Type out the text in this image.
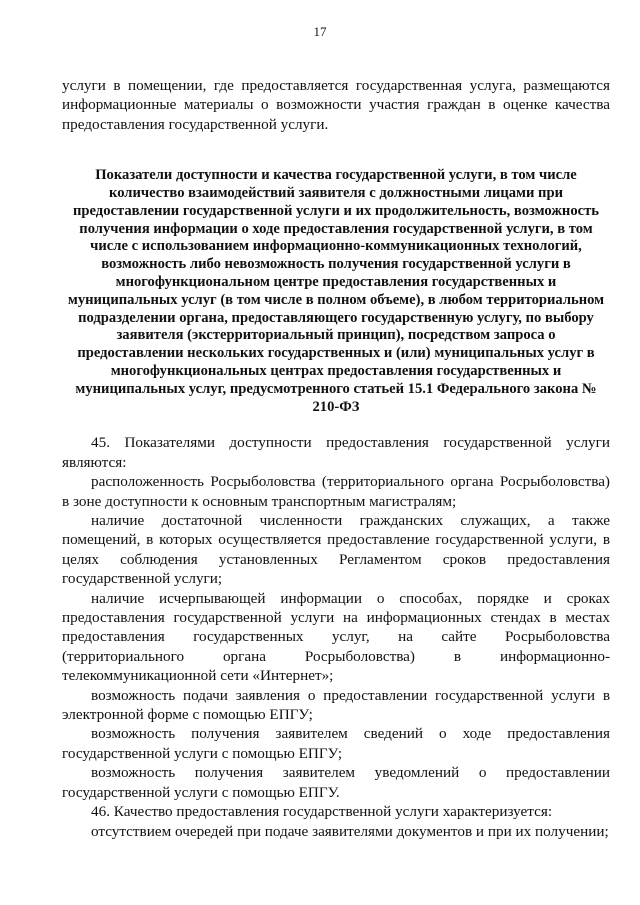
17

услуги в помещении, где предоставляется государственная услуга, размещаются информационные материалы о возможности участия граждан в оценке качества предоставления государственной услуги.

Показатели доступности и качества государственной услуги, в том числе количество взаимодействий заявителя с должностными лицами при предоставлении государственной услуги и их продолжительность, возможность получения информации о ходе предоставления государственной услуги, в том числе с использованием информационно-коммуникационных технологий, возможность либо невозможность получения государственной услуги в многофункциональном центре предоставления государственных и муниципальных услуг (в том числе в полном объеме), в любом территориальном подразделении органа, предоставляющего государственную услугу, по выбору заявителя (экстерриториальный принцип), посредством запроса о предоставлении нескольких государственных и (или) муниципальных услуг в многофункциональных центрах предоставления государственных и муниципальных услуг, предусмотренного статьей 15.1 Федерального закона № 210-ФЗ

45. Показателями доступности предоставления государственной услуги являются:

расположенность Росрыболовства (территориального органа Росрыболовства) в зоне доступности к основным транспортным магистралям;

наличие достаточной численности гражданских служащих, а также помещений, в которых осуществляется предоставление государственной услуги, в целях соблюдения установленных Регламентом сроков предоставления государственной услуги;

наличие исчерпывающей информации о способах, порядке и сроках предоставления государственной услуги на информационных стендах в местах предоставления государственных услуг, на сайте Росрыболовства (территориального органа Росрыболовства) в информационно-телекоммуникационной сети «Интернет»;

возможность подачи заявления о предоставлении государственной услуги в электронной форме с помощью ЕПГУ;

возможность получения заявителем сведений о ходе предоставления государственной услуги с помощью ЕПГУ;

возможность получения заявителем уведомлений о предоставлении государственной услуги с помощью ЕПГУ.

46. Качество предоставления государственной услуги характеризуется:

отсутствием очередей при подаче заявителями документов и при их получении;
